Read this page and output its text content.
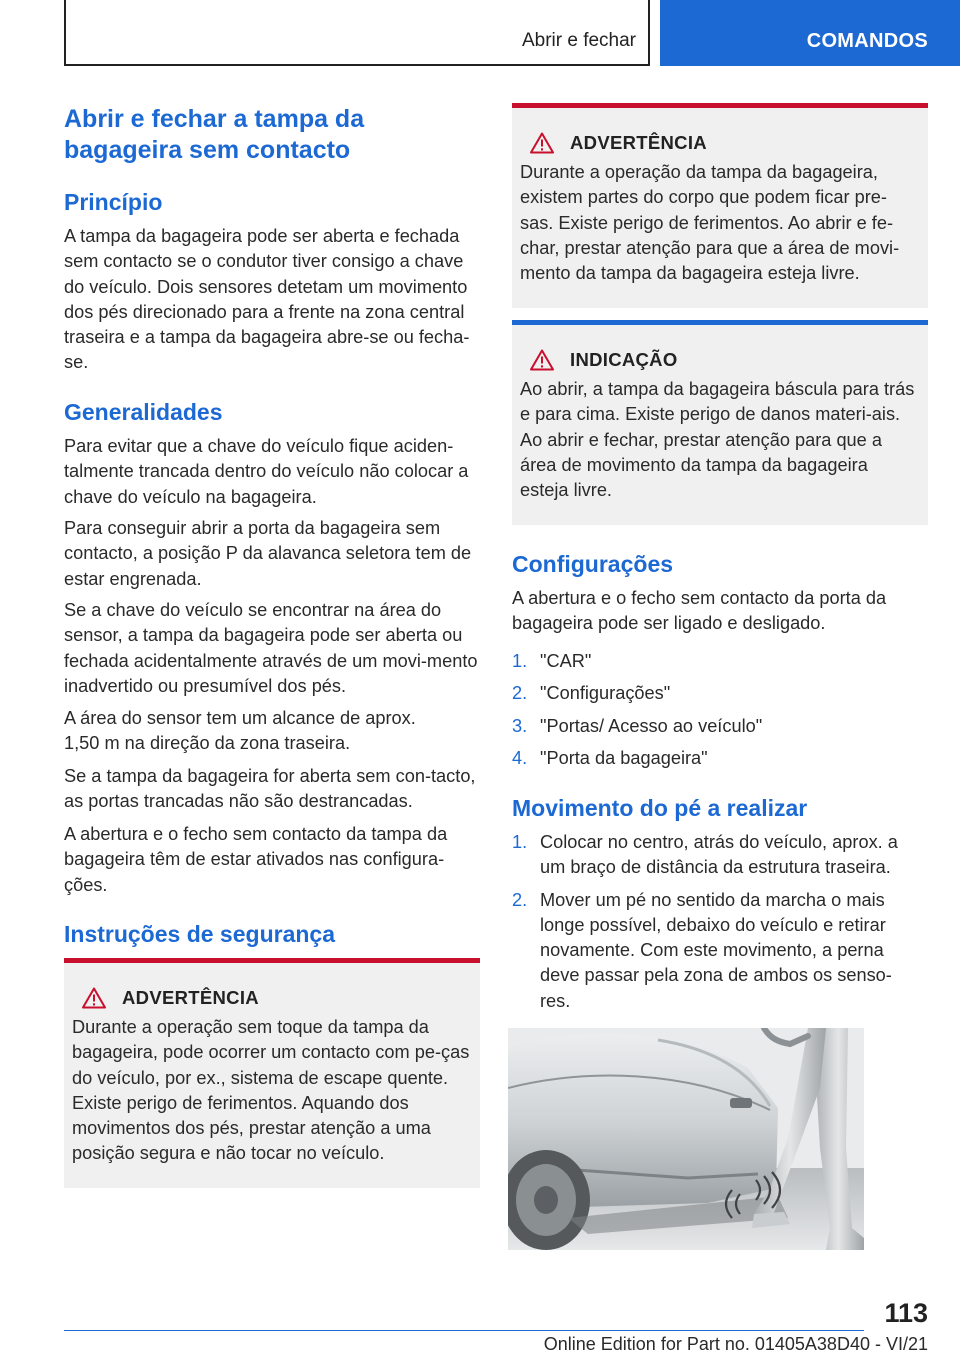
Abrir e fechar	COMANDOS
Abrir e fechar a tampa da bagageira sem contacto
Princípio

A tampa da bagageira pode ser aberta e fechada sem contacto se o condutor tiver consigo a chave do veículo. Dois sensores detetam um movimento dos pés direcionado para a frente na zona central traseira e a tampa da bagageira abre-se ou fecha-se.

Generalidades

Para evitar que a chave do veículo fique aciden-talmente trancada dentro do veículo não colocar a chave do veículo na bagageira.

Para conseguir abrir a porta da bagageira sem contacto, a posição P da alavanca seletora tem de estar engrenada.

Se a chave do veículo se encontrar na área do sensor, a tampa da bagageira pode ser aberta ou fechada acidentalmente através de um movi-mento inadvertido ou presumível dos pés.

A área do sensor tem um alcance de aprox. 1,50 m na direção da zona traseira.

Se a tampa da bagageira for aberta sem con-tacto, as portas trancadas não são destrancadas.

A abertura e o fecho sem contacto da tampa da bagageira têm de estar ativados nas configura-ções.

Instruções de segurança
ADVERTÊNCIA
Durante a operação sem toque da tampa da bagageira, pode ocorrer um contacto com pe-ças do veículo, por ex., sistema de escape quente. Existe perigo de ferimentos. Aquando dos movimentos dos pés, prestar atenção a uma posição segura e não tocar no veículo.
ADVERTÊNCIA
Durante a operação da tampa da bagageira, existem partes do corpo que podem ficar pre-sas. Existe perigo de ferimentos. Ao abrir e fe-char, prestar atenção para que a área de movi-mento da tampa da bagageira esteja livre.
INDICAÇÃO
Ao abrir, a tampa da bagageira báscula para trás e para cima. Existe perigo de danos materi-ais. Ao abrir e fechar, prestar atenção para que a área de movimento da tampa da bagageira esteja livre.
Configurações

A abertura e o fecho sem contacto da porta da bagageira pode ser ligado e desligado.

1. "CAR"
2. "Configurações"
3. "Portas/ Acesso ao veículo"
4. "Porta da bagageira"
Movimento do pé a realizar
1. Colocar no centro, atrás do veículo, aprox. a um braço de distância da estrutura traseira.
2. Mover um pé no sentido da marcha o mais longe possível, debaixo do veículo e retirar novamente. Com este movimento, a perna deve passar pela zona de ambos os senso-res.
113
Online Edition for Part no. 01405A38D40 - VI/21
